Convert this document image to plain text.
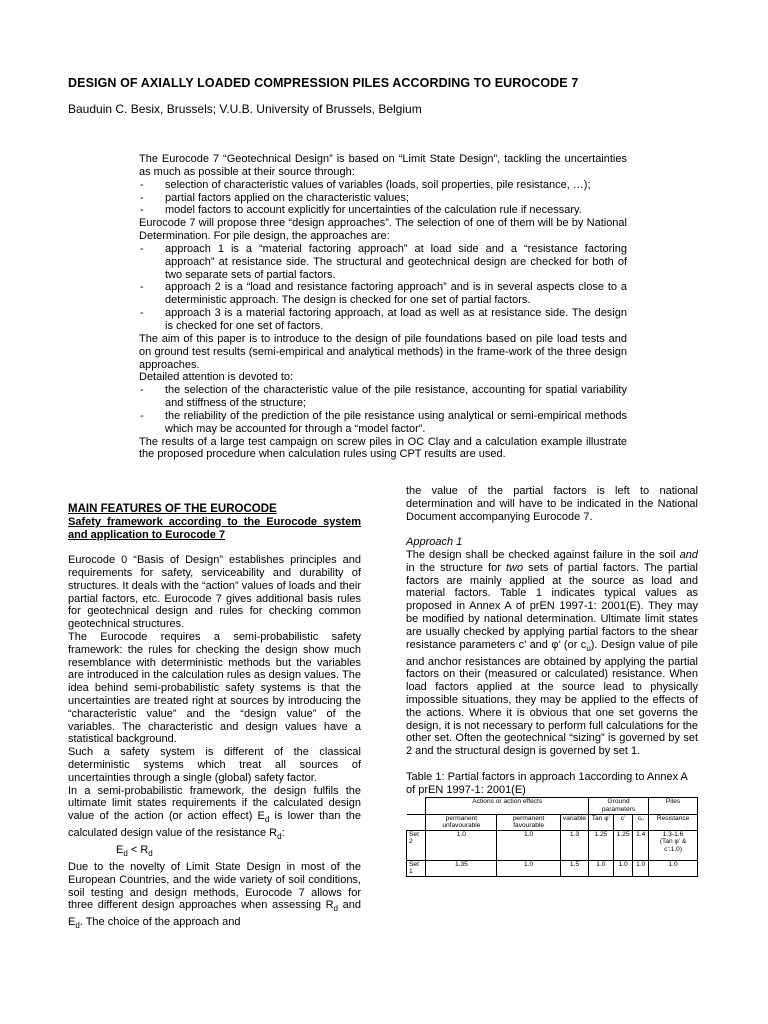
DESIGN OF AXIALLY LOADED COMPRESSION PILES ACCORDING TO EUROCODE 7
Bauduin C. Besix, Brussels; V.U.B. University of Brussels, Belgium

The Eurocode 7 “Geotechnical Design” is based on “Limit State Design”, tackling the uncertainties as much as possible at their source through:

- selection of characteristic values of variables (loads, soil properties, pile resistance, …);

- partial factors applied on the characteristic values;

- model factors to account explicitly for uncertainties of the calculation rule if necessary.

Eurocode 7 will propose three “design approaches”. The selection of one of them will be by National Determination. For pile design, the approaches are:

- approach 1 is a “material factoring approach” at load side and a “resistance factoring approach” at resistance side. The structural and geotechnical design are checked for both of two separate sets of partial factors.

- approach 2 is a “load and resistance factoring approach” and is in several aspects close to a deterministic approach. The design is checked for one set of partial factors.

- approach 3 is a material factoring approach, at load as well as at resistance side. The design is checked for one set of factors.

The aim of this paper is to introduce to the design of pile foundations based on pile load tests and on ground test results (semi-empirical and analytical methods) in the frame-work of the three design approaches.

Detailed attention is devoted to:

- the selection of the characteristic value of the pile resistance, accounting for spatial variability and stiffness of the structure;

- the reliability of the prediction of the pile resistance using analytical or semi-empirical methods which may be accounted for through a “model factor”.

The results of a large test campaign on screw piles in OC Clay and a calculation example illustrate the proposed procedure when calculation rules using CPT results are used.

MAIN FEATURES OF THE EUROCODE

Safety framework according to the Eurocode system and application to Eurocode 7

Eurocode 0 “Basis of Design” establishes principles and requirements for safety, serviceability and durability of structures. It deals with the “action” values of loads and their partial factors, etc. Eurocode 7 gives additional basis rules for geotechnical design and rules for checking common geotechnical structures.

The Eurocode requires a semi-probabilistic safety framework: the rules for checking the design show much resemblance with deterministic methods but the variables are introduced in the calculation rules as design values. The idea behind semi-probabilistic safety systems is that the uncertainties are treated right at sources by introducing the “characteristic value” and the “design value” of the variables. The characteristic and design values have a statistical background.

Such a safety system is different of the classical deterministic systems which treat all sources of uncertainties through a single (global) safety factor.

In a semi-probabilistic framework, the design fulfils the ultimate limit states requirements if the calculated design value of the action (or action effect) $E_d$ is lower than the calculated design value of the resistance $R_d$:

$E_d < R_d$

Due to the novelty of Limit State Design in most of the European Countries, and the wide variety of soil conditions, soil testing and design methods, Eurocode 7 allows for three different design approaches when assessing $R_d$ and $E_d$. The choice of the approach and

the value of the partial factors is left to national determination and will have to be indicated in the National Document accompanying Eurocode 7.

Approach 1

The design shall be checked against failure in the soil and in the structure for two sets of partial factors. The partial factors are mainly applied at the source as load and material factors. Table 1 indicates typical values as proposed in Annex A of prEN 1997-1: 2001(E). They may be modified by national determination. Ultimate limit states are usually checked by applying partial factors to the shear resistance parameters c’ and φ’ (or $c_u$). Design value of pile and anchor resistances are obtained by applying the partial factors on their (measured or calculated) resistance. When load factors applied at the source lead to physically impossible situations, they may be applied to the effects of the actions. Where it is obvious that one set governs the design, it is not necessary to perform full calculations for the other set. Often the geotechnical “sizing” is governed by set 2 and the structural design is governed by set 1.

Table 1: Partial factors in approach 1according to Annex A of prEN 1997-1: 2001(E)

	Actions or action effects			Ground parameters			Piles
	permanent unfavourable	permanent favourable	variable	Tan φ’	c’	cᵤ	Resistance
Set 2	1.0	1.0	1.3	1.25	1.25	1.4	1.3-1.6
(Tan φ’ & c’:1.0)

Set 1	1.35	1.0	1.5	1.0	1.0	1.0	1.0
